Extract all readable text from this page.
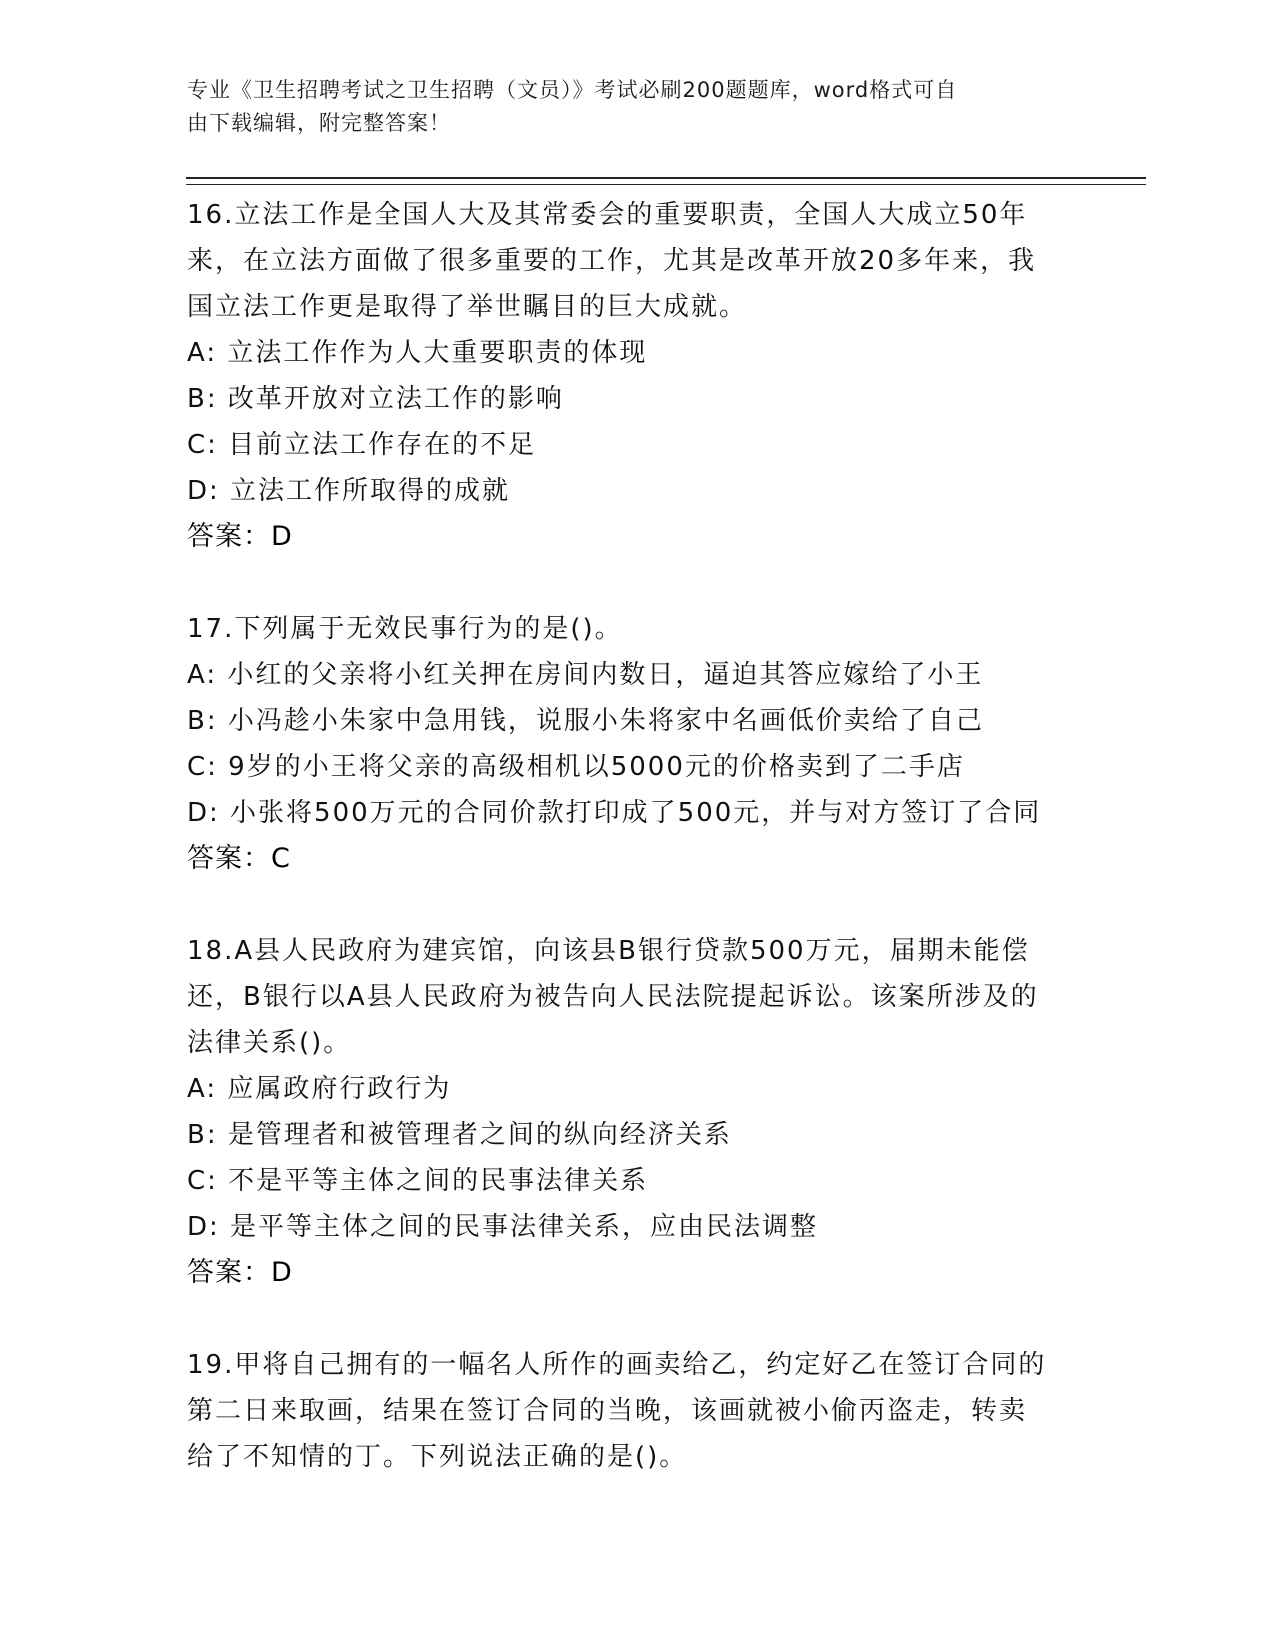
专业《卫生招聘考试之卫生招聘（文员）》考试必刷200题题库，word格式可自
由下载编辑，附完整答案！

16.立法工作是全国人大及其常委会的重要职责，全国人大成立50年

来，在立法方面做了很多重要的工作，尤其是改革开放20多年来，我

国立法工作更是取得了举世瞩目的巨大成就。

A: 立法工作作为人大重要职责的体现

B: 改革开放对立法工作的影响

C: 目前立法工作存在的不足

D: 立法工作所取得的成就

答案：D

17.下列属于无效民事行为的是()。

A: 小红的父亲将小红关押在房间内数日，逼迫其答应嫁给了小王

B: 小冯趁小朱家中急用钱，说服小朱将家中名画低价卖给了自己

C: 9岁的小王将父亲的高级相机以5000元的价格卖到了二手店

D: 小张将500万元的合同价款打印成了500元，并与对方签订了合同

答案：C

18.A县人民政府为建宾馆，向该县B银行贷款500万元，届期未能偿

还，B银行以A县人民政府为被告向人民法院提起诉讼。该案所涉及的

法律关系()。

A: 应属政府行政行为

B: 是管理者和被管理者之间的纵向经济关系

C: 不是平等主体之间的民事法律关系

D: 是平等主体之间的民事法律关系，应由民法调整

答案：D

19.甲将自己拥有的一幅名人所作的画卖给乙，约定好乙在签订合同的

第二日来取画，结果在签订合同的当晚，该画就被小偷丙盗走，转卖

给了不知情的丁。下列说法正确的是()。
